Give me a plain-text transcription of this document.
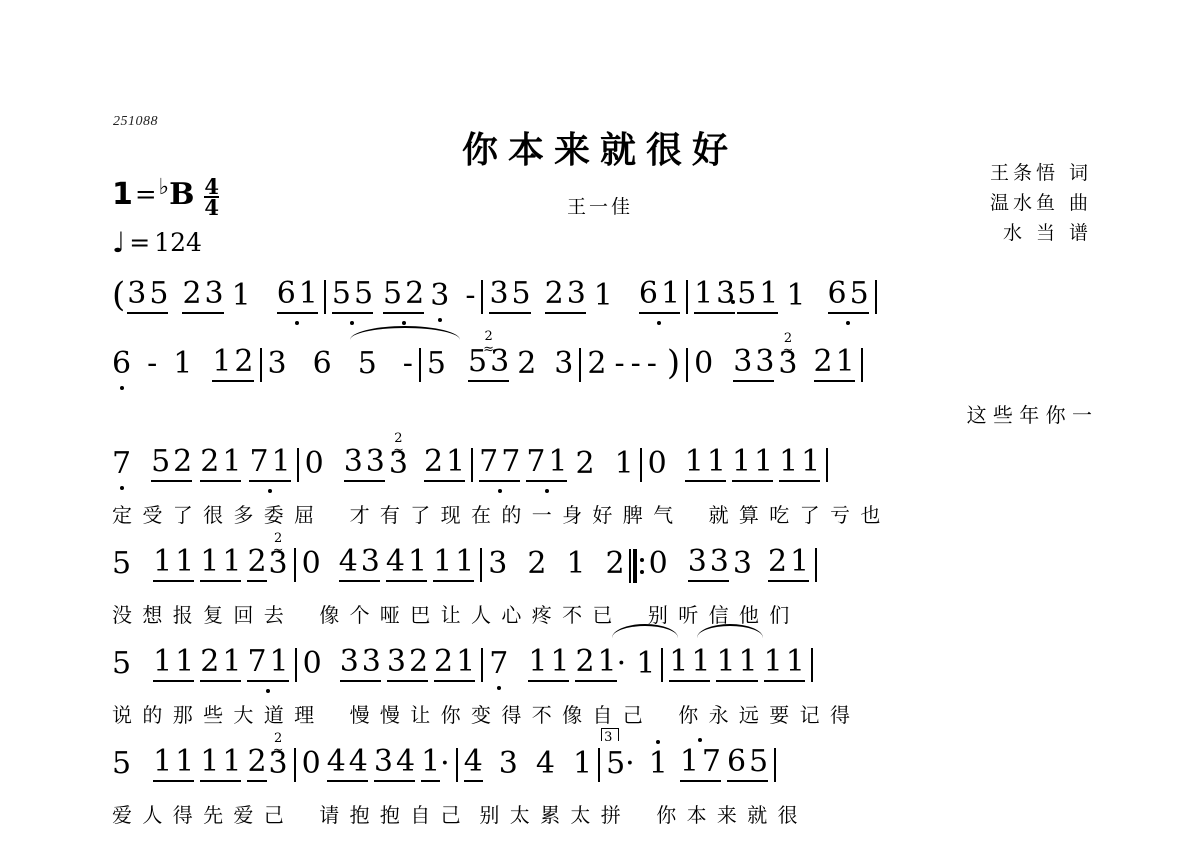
251088
你本来就很好
王一佳
王条悟 词
温水鱼 曲
水 当 谱
1 = ♭ B $\frac{4}{4}$
♩ = 124
( 3 5 2 3 1 6 1 5 5 5 2 3 - 3 5 2 3 1 6 1 1 3 5 1 1 6 5
6 - 1 1 2 3 6 5 - 5 2 5 3 ≈ 2 3 2 - - - ) 0 3 3 2 3 ≈ 2 1
这 些 年 你 一
7 5 2 2 1 7 1 0 3 3 2 3 ≈ 2 1 7 7 7 1 2 1 0 1 1 1 1 1 1
定 受 了 很 多 委 屈    才 有 了 现 在 的 一 身 好 脾 气    就 算 吃 了 亏 也
5 1 1 1 1 2 2 3 ≈ 0 4 3 4 1 1 1 3 2 1 2 0 3 3 3 2 1
没 想 报 复 回 去    像 个 哑 巴 让 人 心 疼 不 已    别 听 信 他 们
5 1 1 2 1 7 1 0 3 3 3 2 2 1 7 1 1 2 1 · 1 1 1 1 1 1 1
说 的 那 些 大 道 理    慢 慢 让 你 变 得 不 像 自 己    你 永 远 要 记 得
5 1 1 1 1 2 2 3 ≈ 0 4 4 3 4 1 · 4 3 4 1 3 5 · 1 1 7 6 5
爱 人 得 先 爱 己    请 抱 抱 自 己  别 太 累 太 拼    你 本 来 就 很
